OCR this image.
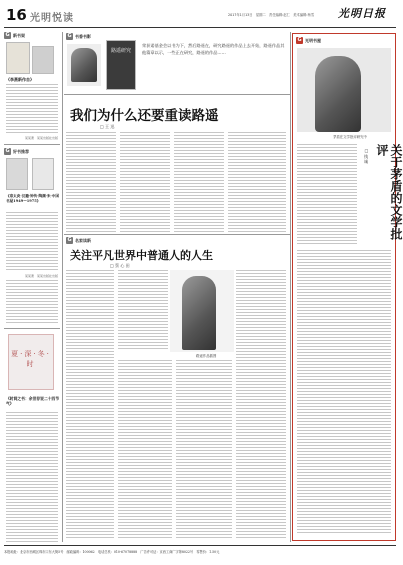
16 光明悦读	2017年1月13日　星期二　责任编辑:赵仁　美术编辑:杨雪 光明日报
G 新书架
《李燕新作自》
某某著　某某出版社出版
G 好书推荐
《章太炎·汉籍·钟传·陶渊·朱·中国书屋1949—1975》
某某著　某某出版社出版
夏·深·冬·时
《时间之书：余世存说二十四节气》
G 书香书影
路遥研究
荣获诺基金会以书为下，然后路遥在，研究路遥的作品上去开始，路遥作品其他篇章以示，一些正在研究，路遥的作品……
我们为什么还要重读路遥
□ 王 迅
G 名家读新
关注平凡世界中普通人的人生
□ 蔡 心 田
路遥作品插图
G 光明书屋
茅盾在文学批评研究中
关于茅盾的文学批评
□ 钱 诚
本报地址：北京市西城区珠市口东大街5号　邮政编码：100062　电话总机：010-67078888　广告许可证：京西工商广字第8022号　零售价：1.50元
